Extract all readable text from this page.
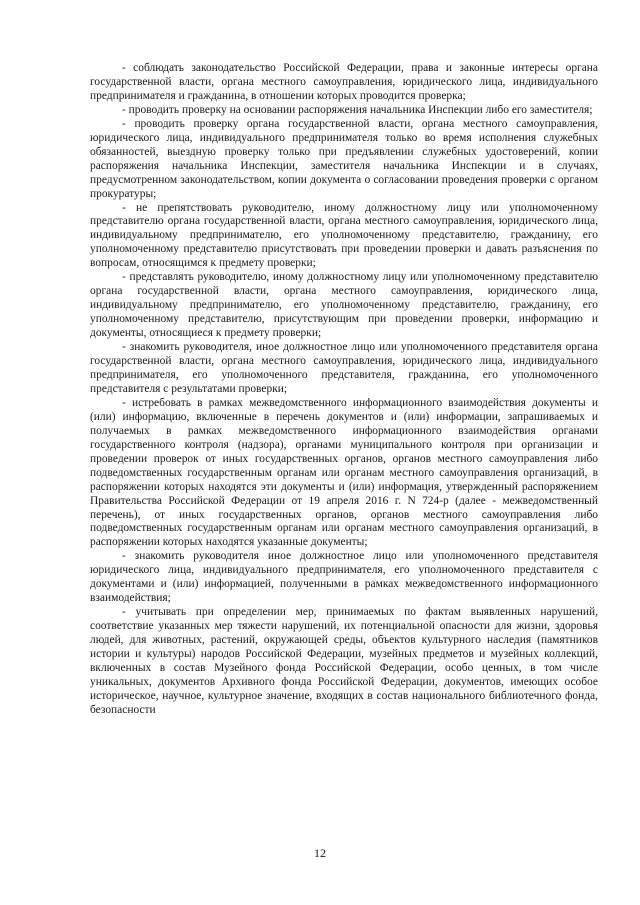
- соблюдать законодательство Российской Федерации, права и законные интересы органа государственной власти, органа местного самоуправления, юридического лица, индивидуального предпринимателя и гражданина, в отношении которых проводится проверка;

- проводить проверку на основании распоряжения начальника Инспекции либо его заместителя;

- проводить проверку органа государственной власти, органа местного самоуправления, юридического лица, индивидуального предпринимателя только во время исполнения служебных обязанностей, выездную проверку только при предъявлении служебных удостоверений, копии распоряжения начальника Инспекции, заместителя начальника Инспекции и в случаях, предусмотренном законодательством, копии документа о согласовании проведения проверки с органом прокуратуры;

- не препятствовать руководителю, иному должностному лицу или уполномоченному представителю органа государственной власти, органа местного самоуправления, юридического лица, индивидуальному предпринимателю, его уполномоченному представителю, гражданину, его уполномоченному представителю присутствовать при проведении проверки и давать разъяснения по вопросам, относящимся к предмету проверки;

- представлять руководителю, иному должностному лицу или уполномоченному представителю органа государственной власти, органа местного самоуправления, юридического лица, индивидуальному предпринимателю, его уполномоченному представителю, гражданину, его уполномоченному представителю, присутствующим при проведении проверки, информацию и документы, относящиеся к предмету проверки;

- знакомить руководителя, иное должностное лицо или уполномоченного представителя органа государственной власти, органа местного самоуправления, юридического лица, индивидуального предпринимателя, его уполномоченного представителя, гражданина, его уполномоченного представителя с результатами проверки;

- истребовать в рамках межведомственного информационного взаимодействия документы и (или) информацию, включенные в перечень документов и (или) информации, запрашиваемых и получаемых в рамках межведомственного информационного взаимодействия органами государственного контроля (надзора), органами муниципального контроля при организации и проведении проверок от иных государственных органов, органов местного самоуправления либо подведомственных государственным органам или органам местного самоуправления организаций, в распоряжении которых находятся эти документы и (или) информация, утвержденный распоряжением Правительства Российской Федерации от 19 апреля 2016 г. N 724-р (далее - межведомственный перечень), от иных государственных органов, органов местного самоуправления либо подведомственных государственным органам или органам местного самоуправления организаций, в распоряжении которых находятся указанные документы;

- знакомить руководителя иное должностное лицо или уполномоченного представителя юридического лица, индивидуального предпринимателя, его уполномоченного представителя с документами и (или) информацией, полученными в рамках межведомственного информационного взаимодействия;

- учитывать при определении мер, принимаемых по фактам выявленных нарушений, соответствие указанных мер тяжести нарушений, их потенциальной опасности для жизни, здоровья людей, для животных, растений, окружающей среды, объектов культурного наследия (памятников истории и культуры) народов Российской Федерации, музейных предметов и музейных коллекций, включенных в состав Музейного фонда Российской Федерации, особо ценных, в том числе уникальных, документов Архивного фонда Российской Федерации, документов, имеющих особое историческое, научное, культурное значение, входящих в состав национального библиотечного фонда, безопасности

12
